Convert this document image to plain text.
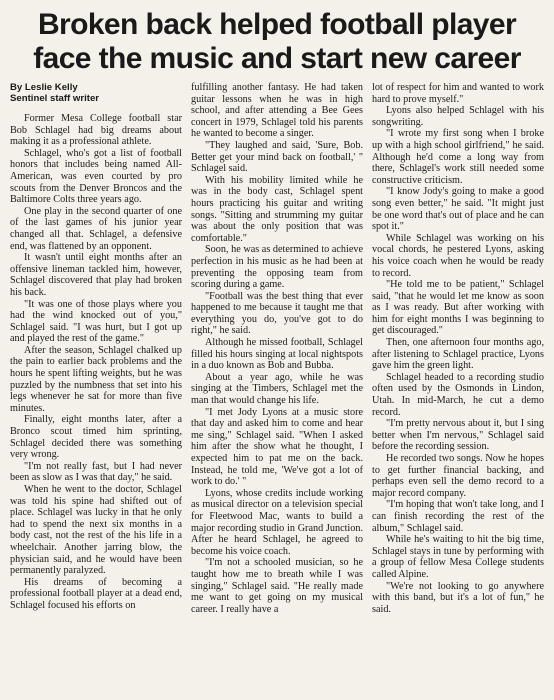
Broken back helped football player
face the music and start new career
By Leslie Kelly
Sentinel staff writer

Former Mesa College football star Bob Schlagel had big dreams about making it as a professional athlete.

Schlagel, who's got a list of football honors that includes being named All-American, was even courted by pro scouts from the Denver Broncos and the Baltimore Colts three years ago.

One play in the second quarter of one of the last games of his junior year changed all that. Schlagel, a defensive end, was flattened by an opponent.

It wasn't until eight months after an offensive lineman tackled him, however, Schlagel discovered that play had broken his back.

"It was one of those plays where you had the wind knocked out of you," Schlagel said. "I was hurt, but I got up and played the rest of the game."

After the season, Schlagel chalked up the pain to earlier back problems and the hours he spent lifting weights, but he was puzzled by the numbness that set into his legs whenever he sat for more than five minutes.

Finally, eight months later, after a Bronco scout timed him sprinting, Schlagel decided there was something very wrong.

"I'm not really fast, but I had never been as slow as I was that day," he said.

When he went to the doctor, Schlagel was told his spine had shifted out of place. Schlagel was lucky in that he only had to spend the next six months in a body cast, not the rest of the his life in a wheelchair. Another jarring blow, the physician said, and he would have been permanently paralyzed.

His dreams of becoming a professional football player at a dead end, Schlagel focused his efforts on

fulfilling another fantasy. He had taken guitar lessons when he was in high school, and after attending a Bee Gees concert in 1979, Schlagel told his parents he wanted to become a singer.

"They laughed and said, 'Sure, Bob. Better get your mind back on football,' " Schlagel said.

With his mobility limited while he was in the body cast, Schlagel spent hours practicing his guitar and writing songs. "Sitting and strumming my guitar was about the only position that was comfortable."

Soon, he was as determined to achieve perfection in his music as he had been at preventing the opposing team from scoring during a game.

"Football was the best thing that ever happened to me because it taught me that everything you do, you've got to do right," he said.

Although he missed football, Schlagel filled his hours singing at local nightspots in a duo known as Bob and Bubba.

About a year ago, while he was singing at the Timbers, Schlagel met the man that would change his life.

"I met Jody Lyons at a music store that day and asked him to come and hear me sing," Schlagel said. "When I asked him after the show what he thought, I expected him to pat me on the back. Instead, he told me, 'We've got a lot of work to do.' "

Lyons, whose credits include working as musical director on a television special for Fleetwood Mac, wants to build a major recording studio in Grand Junction. After he heard Schlagel, he agreed to become his voice coach.

"I'm not a schooled musician, so he taught how me to breath while I was singing," Schlagel said. "He really made me want to get going on my musical career. I really have a

lot of respect for him and wanted to work hard to prove myself."

Lyons also helped Schlagel with his songwriting.

"I wrote my first song when I broke up with a high school girlfriend," he said. Although he'd come a long way from there, Schlagel's work still needed some constructive criticism.

"I know Jody's going to make a good song even better," he said. "It might just be one word that's out of place and he can spot it."

While Schlagel was working on his vocal chords, he pestered Lyons, asking his voice coach when he would be ready to record.

"He told me to be patient," Schlagel said, "that he would let me know as soon as I was ready. But after working with him for eight months I was beginning to get discouraged."

Then, one afternoon four months ago, after listening to Schlagel practice, Lyons gave him the green light.

Schlagel headed to a recording studio often used by the Osmonds in Lindon, Utah. In mid-March, he cut a demo record.

"I'm pretty nervous about it, but I sing better when I'm nervous," Schlagel said before the recording session.

He recorded two songs. Now he hopes to get further financial backing, and perhaps even sell the demo record to a major record company.

"I'm hoping that won't take long, and I can finish recording the rest of the album," Schlagel said.

While he's waiting to hit the big time, Schlagel stays in tune by performing with a group of fellow Mesa College students called Alpine.

"We're not looking to go anywhere with this band, but it's a lot of fun," he said.
